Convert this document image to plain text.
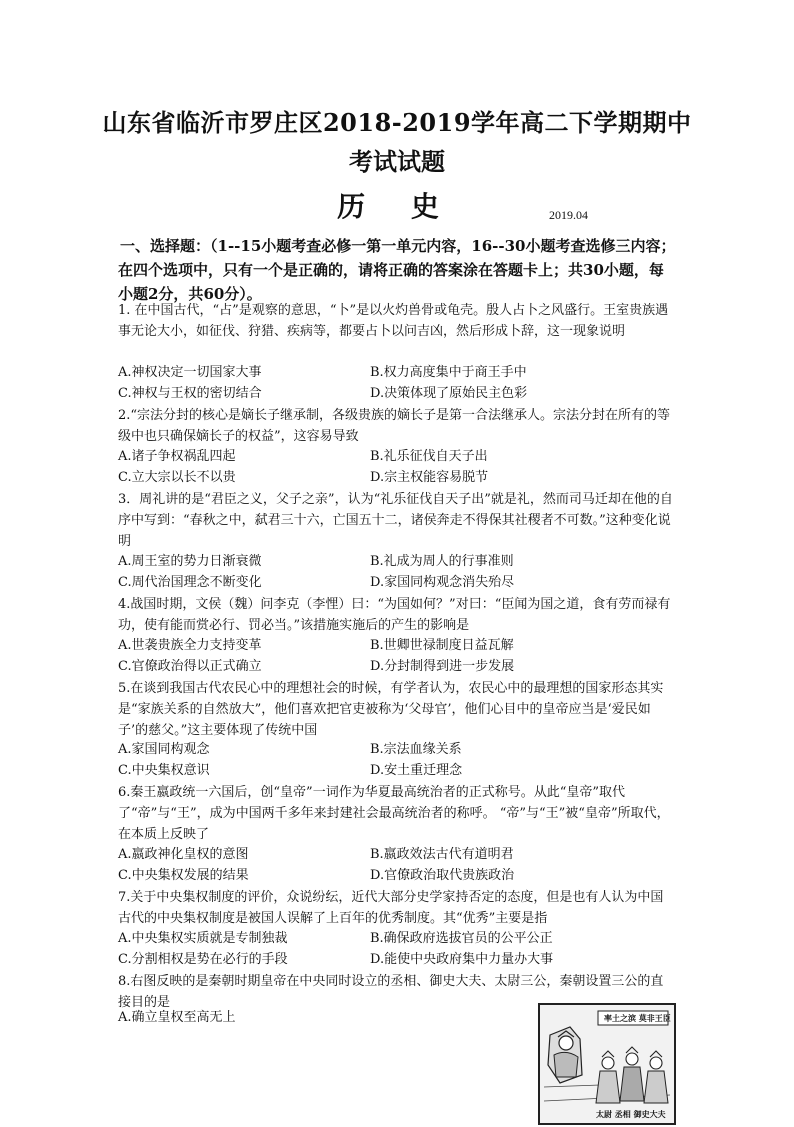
山东省临沂市罗庄区2018-2019学年高二下学期期中
考试试题
历 史	2019.04
一、选择题：（1--15小题考查必修一第一单元内容，16--30小题考查选修三内容；在四个选项中，只有一个是正确的，请将正确的答案涂在答题卡上；共30小题，每小题2分，共60分）。
1. 在中国古代，“占”是观察的意思，“卜”是以火灼兽骨或龟壳。殷人占卜之风盛行。王室贵族遇事无论大小，如征伐、狩猎、疾病等，都要占卜以问吉凶，然后形成卜辞，这一现象说明
A.神权决定一切国家大事	B.权力高度集中于商王手中
C.神权与王权的密切结合	D.决策体现了原始民主色彩
2.“宗法分封的核心是嫡长子继承制，各级贵族的嫡长子是第一合法继承人。宗法分封在所有的等级中也只确保嫡长子的权益”，这容易导致
A.诸子争权祸乱四起	B.礼乐征伐自天子出
C.立大宗以长不以贵	D.宗主权能容易脱节
3．周礼讲的是“君臣之义，父子之亲”，认为“礼乐征伐自天子出”就是礼，然而司马迁却在他的自序中写到：“春秋之中，弑君三十六，亡国五十二，诸侯奔走不得保其社稷者不可数。”这种变化说明
A.周王室的势力日渐衰微	B.礼成为周人的行事准则
C.周代治国理念不断变化	D.家国同构观念消失殆尽
4.战国时期，文侯（魏）问李克（李悝）曰：“为国如何？”对曰：“臣闻为国之道，食有劳而禄有功，使有能而赏必行、罚必当。”该措施实施后的产生的影响是
A.世袭贵族全力支持变革	B.世卿世禄制度日益瓦解
C.官僚政治得以正式确立	D.分封制得到进一步发展
5.在谈到我国古代农民心中的理想社会的时候，有学者认为，农民心中的最理想的国家形态其实是“家族关系的自然放大”，他们喜欢把官吏被称为‘父母官’，他们心目中的皇帝应当是‘爱民如子’的慈父。”这主要体现了传统中国
A.家国同构观念	B.宗法血缘关系
C.中央集权意识	D.安土重迁理念
6.秦王嬴政统一六国后，创“皇帝”一词作为华夏最高统治者的正式称号。从此“皇帝”取代了“帝”与“王”，成为中国两千多年来封建社会最高统治者的称呼。 “帝”与“王”被“皇帝”所取代，在本质上反映了
A.嬴政神化皇权的意图	B.嬴政效法古代有道明君
C.中央集权发展的结果	D.官僚政治取代贵族政治
7.关于中央集权制度的评价，众说纷纭，近代大部分史学家持否定的态度，但是也有人认为中国古代的中央集权制度是被国人误解了上百年的优秀制度。其“优秀”主要是指
A.中央集权实质就是专制独裁	B.确保政府选拔官员的公平公正
C.分割相权是势在必行的手段	D.能使中央政府集中力量办大事
8.右图反映的是秦朝时期皇帝在中央同时设立的丞相、御史大夫、太尉三公，秦朝设置三公的直接目的是
A.确立皇权至高无上	率土之滨 莫非王臣
太尉 丞相 御史大夫
